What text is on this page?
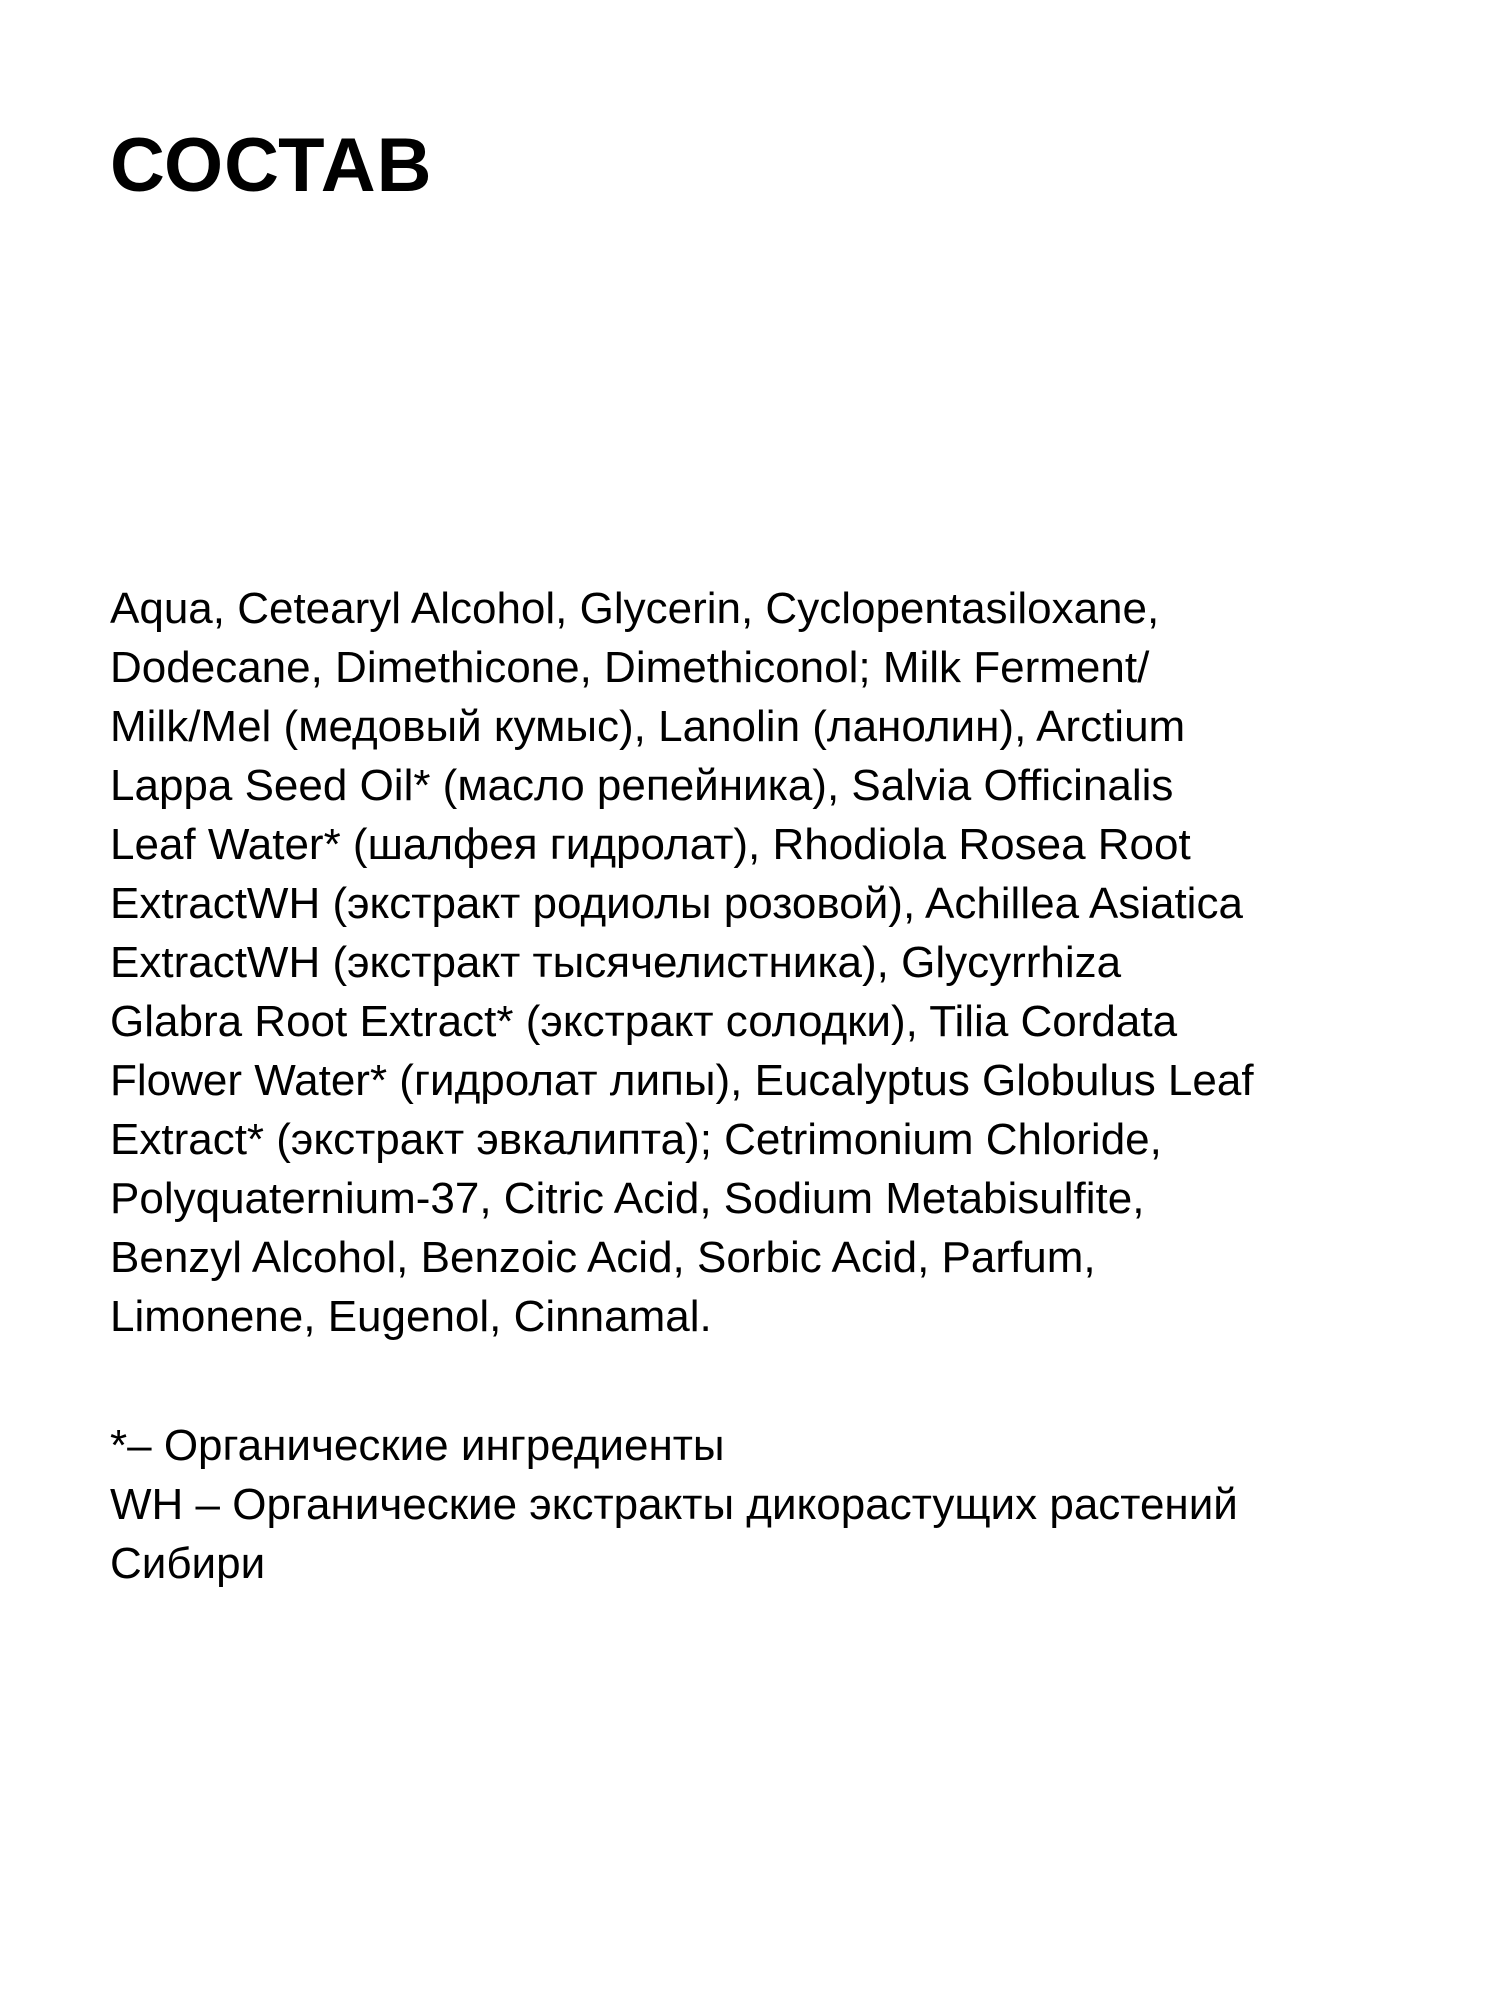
СОСТАВ
Aqua, Cetearyl Alcohol, Glycerin, Cyclopentasiloxane,
Dodecane, Dimethicone, Dimethiconol; Milk Ferment/
Milk/Mel (медовый кумыс), Lanolin (ланолин), Arctium
Lappa Seed Oil* (масло репейника), Salvia Officinalis
Leaf Water* (шалфея гидролат), Rhodiola Rosea Root
ExtractWH (экстракт родиолы розовой), Achillea Asiatica
ExtractWH (экстракт тысячелистника), Glycyrrhiza
Glabra Root Extract* (экстракт солодки), Tilia Cordata
Flower Water* (гидролат липы), Eucalyptus Globulus Leaf
Extract* (экстракт эвкалипта); Cetrimonium Chloride,
Polyquaternium-37, Citric Acid, Sodium Metabisulfite,
Benzyl Alcohol, Benzoic Acid, Sorbic Acid, Parfum,
Limonene, Eugenol, Cinnamal.
*– Органические ингредиенты
WH – Органические экстракты дикорастущих растений
Сибири
